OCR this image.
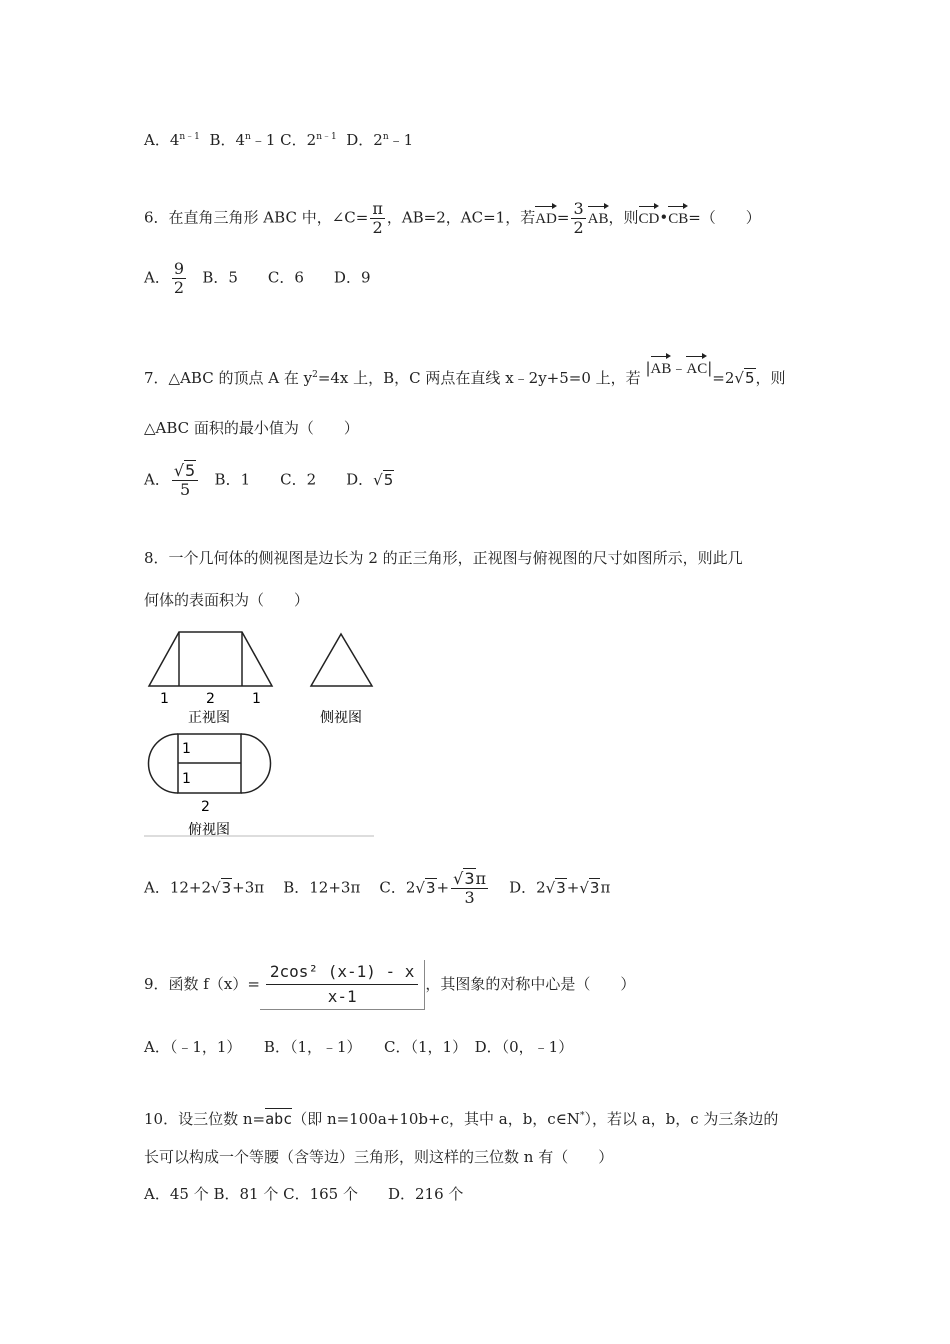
A．$4^{n﹣1}$ B．4$^n$﹣1 C．$2^{n﹣1}$ D．2$^n$﹣1
6．在直角三角形 ABC 中，∠C= $\frac{\pi}{2}$ ，AB=2，AC=1，若$AD= \frac{3}{2}$ AB，则CD•CB=（　　）
A． $\frac{9}{2}$ B．5　　C．6　　D．9
7．△ABC 的顶点 A 在 $y^2=4x$ 上，B，C 两点在直线 x﹣2y+5=0 上，若 |AB﹣AC|=2√5，则
△ABC 面积的最小值为（　　）
A． $\frac{√5}{5}$ B．1　　C．2　　D．√5
8．一个几何体的侧视图是边长为 2 的正三角形，正视图与俯视图的尺寸如图所示，则此几
何体的表面积为（　　）
1	2	1
正视图	侧视图
1
1
2
俯视图
A．12+2√3+3π B．12+3π C．$2√3+ \frac{√3\pi}{3}$ D．2√3+√3π
9．函数 $f(x)= \frac{\text{2cos² (x-1) - x}}{x-1}$ ，其图象的对称中心是（　　）
A．（﹣1，1）　　B．（1，﹣1）　　C．（1，1）　D．（0，﹣1）
10．设三位数 n=abc（即 n=100a+10b+c，其中 a，b，c∈N*），若以 a，b，c 为三条边的
长可以构成一个等腰（含等边）三角形，则这样的三位数 n 有（　　）
A．45 个 B．81 个 C．165 个　　D．216 个
